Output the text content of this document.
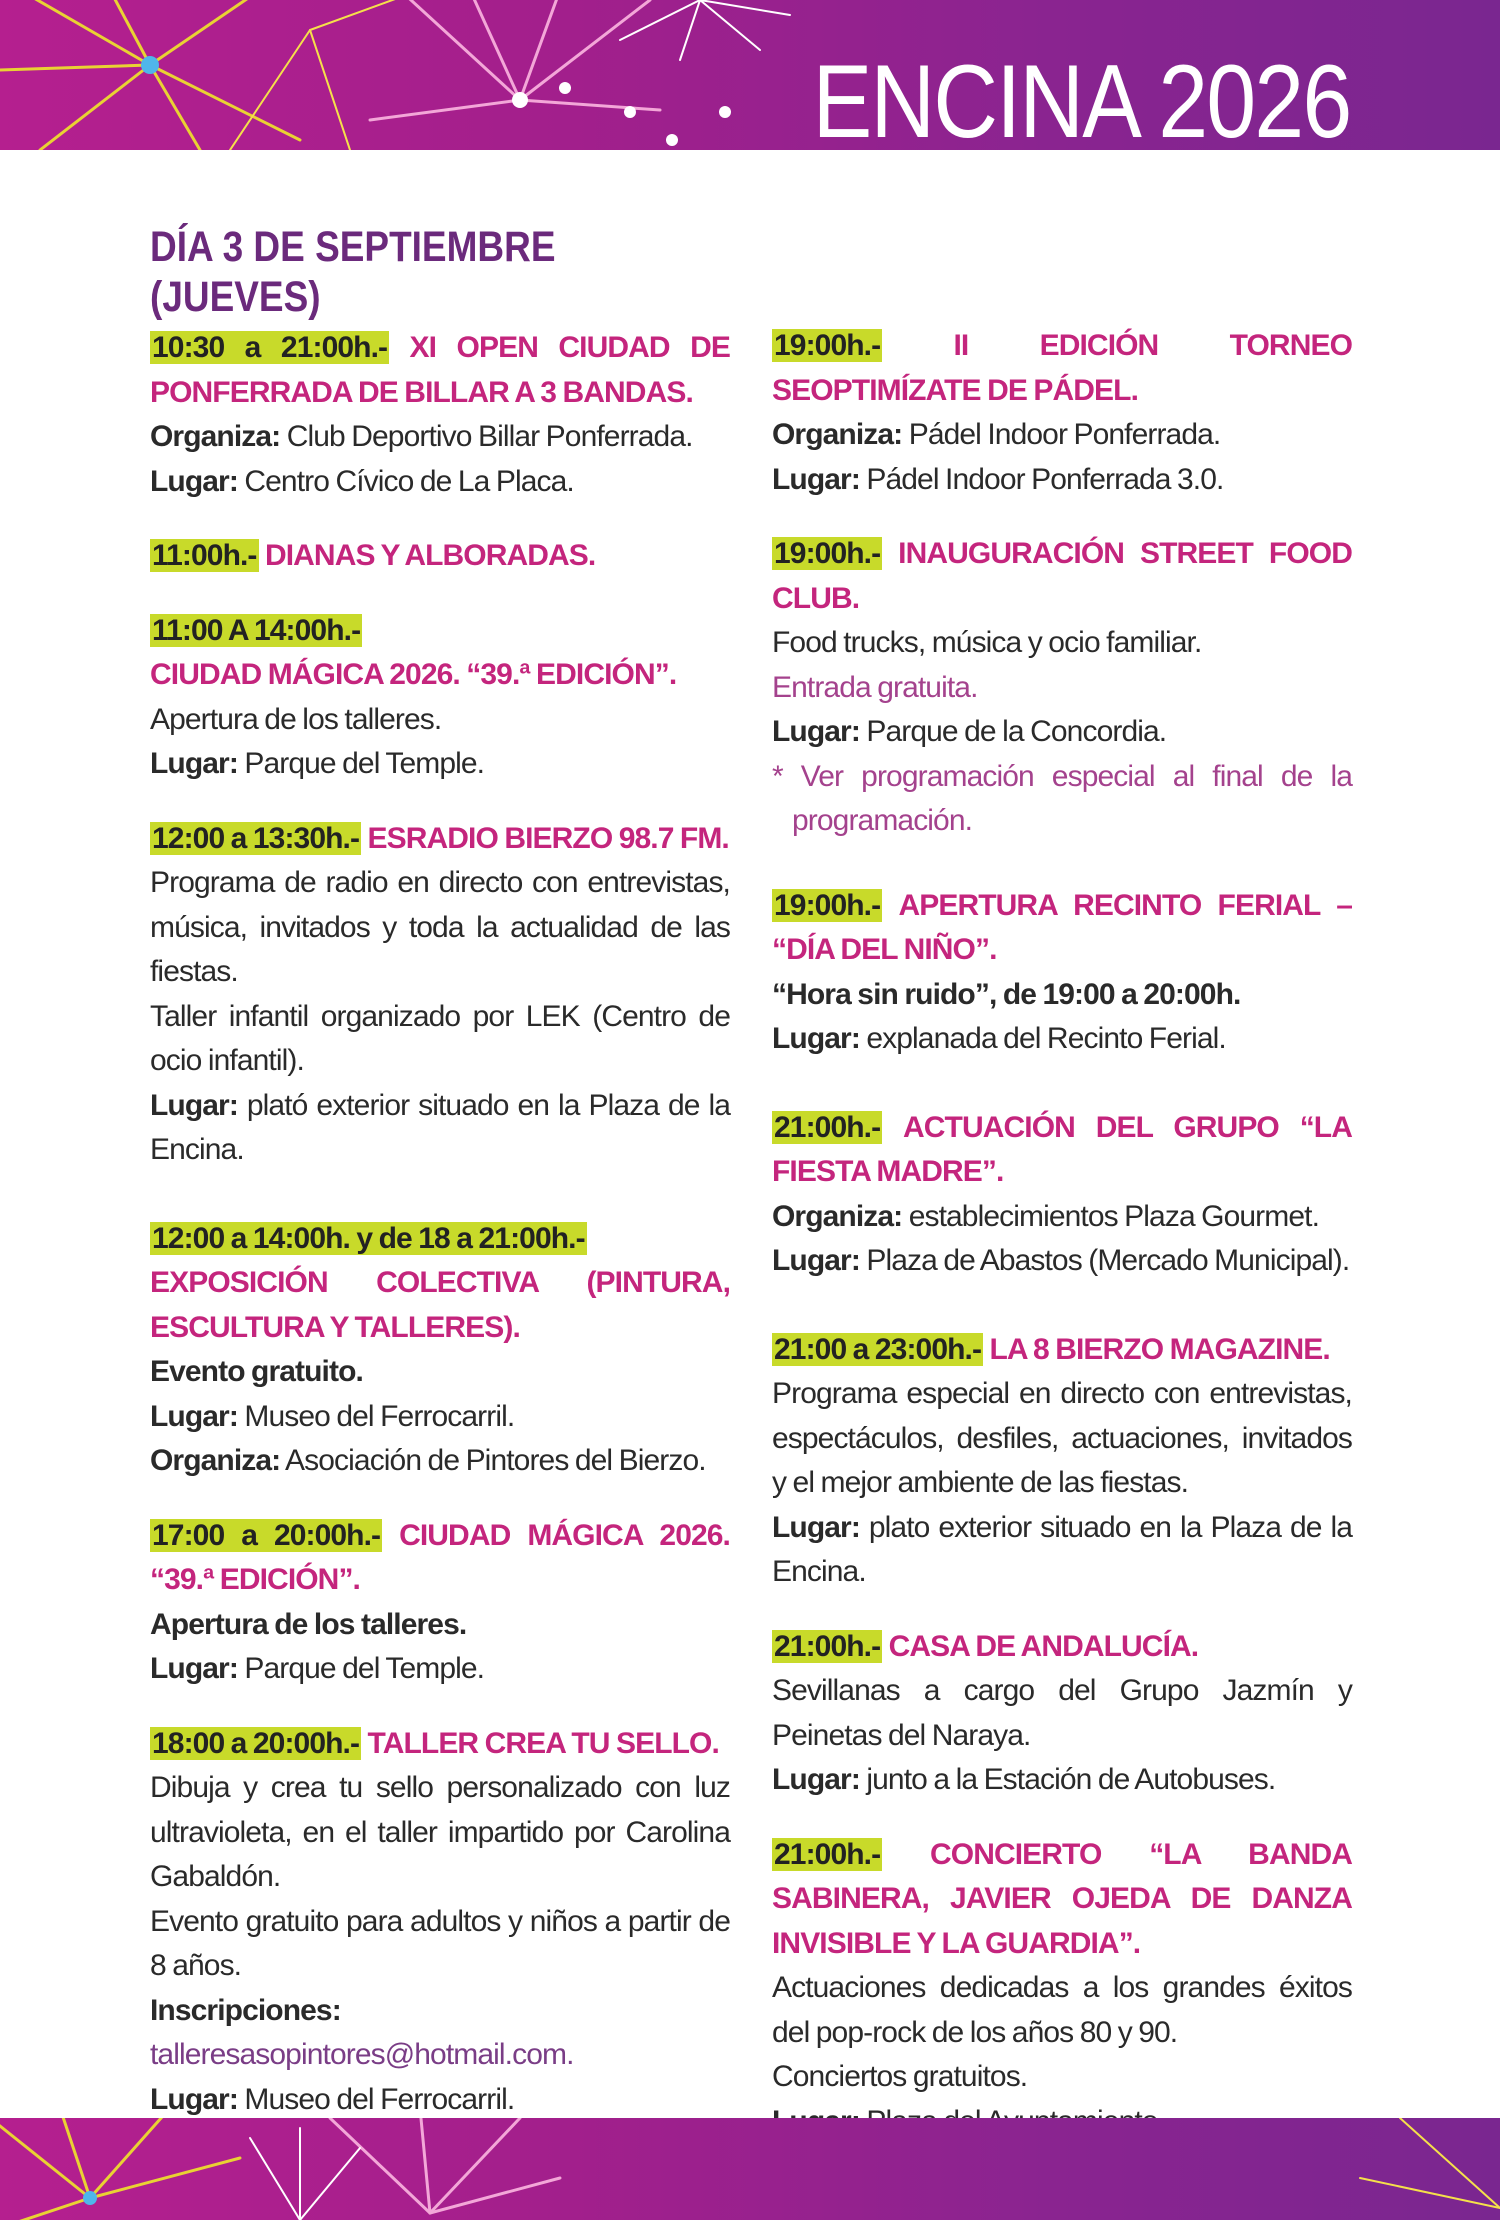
ENCINA 2026
DÍA 3 DE SEPTIEMBRE
(JUEVES)

10:30 a 21:00h.- XI OPEN CIUDAD DE PONFERRADA DE BILLAR A 3 BANDAS.

Organiza: Club Deportivo Billar Ponferrada.

Lugar: Centro Cívico de La Placa.

11:00h.- DIANAS Y ALBORADAS.

11:00 A 14:00h.-

CIUDAD MÁGICA 2026. “39.ª EDICIÓN”.

Apertura de los talleres.

Lugar: Parque del Temple.

12:00 a 13:30h.- ESRADIO BIERZO 98.7 FM.

Programa de radio en directo con entrevistas, música, invitados y toda la actualidad de las fiestas.

Taller infantil organizado por LEK (Centro de ocio infantil).

Lugar: plató exterior situado en la Plaza de la Encina.

12:00 a 14:00h. y de 18 a 21:00h.-

EXPOSICIÓN COLECTIVA (PINTURA, ESCULTURA Y TALLERES).

Evento gratuito.

Lugar: Museo del Ferrocarril.

Organiza: Asociación de Pintores del Bierzo.

17:00 a 20:00h.- CIUDAD MÁGICA 2026. “39.ª EDICIÓN”.

Apertura de los talleres.

Lugar: Parque del Temple.

18:00 a 20:00h.- TALLER CREA TU SELLO.

Dibuja y crea tu sello personalizado con luz ultravioleta, en el taller impartido por Carolina Gabaldón.

Evento gratuito para adultos y niños a partir de 8 años.

Inscripciones: talleresasopintores@hotmail.com.

Lugar: Museo del Ferrocarril.

19:00h.- II EDICIÓN TORNEO SEOPTIMÍZATE DE PÁDEL.

Organiza: Pádel Indoor Ponferrada.

Lugar: Pádel Indoor Ponferrada 3.0.

19:00h.- INAUGURACIÓN STREET FOOD CLUB.

Food trucks, música y ocio familiar.

Entrada gratuita.

Lugar: Parque de la Concordia.

* Ver programación especial al final de la programación.

19:00h.- APERTURA RECINTO FERIAL – “DÍA DEL NIÑO”.

“Hora sin ruido”, de 19:00 a 20:00h.

Lugar: explanada del Recinto Ferial.

21:00h.- ACTUACIÓN DEL GRUPO “LA FIESTA MADRE”.

Organiza: establecimientos Plaza Gourmet.

Lugar: Plaza de Abastos (Mercado Municipal).

21:00 a 23:00h.- LA 8 BIERZO MAGAZINE.

Programa especial en directo con entrevistas, espectáculos, desfiles, actuaciones, invitados y el mejor ambiente de las fiestas.

Lugar: plato exterior situado en la Plaza de la Encina.

21:00h.- CASA DE ANDALUCÍA.

Sevillanas a cargo del Grupo Jazmín y Peinetas del Naraya.

Lugar: junto a la Estación de Autobuses.

21:00h.- CONCIERTO “LA BANDA SABINERA, JAVIER OJEDA DE DANZA INVISIBLE Y LA GUARDIA”.

Actuaciones dedicadas a los grandes éxitos del pop-rock de los años 80 y 90.

Conciertos gratuitos.
